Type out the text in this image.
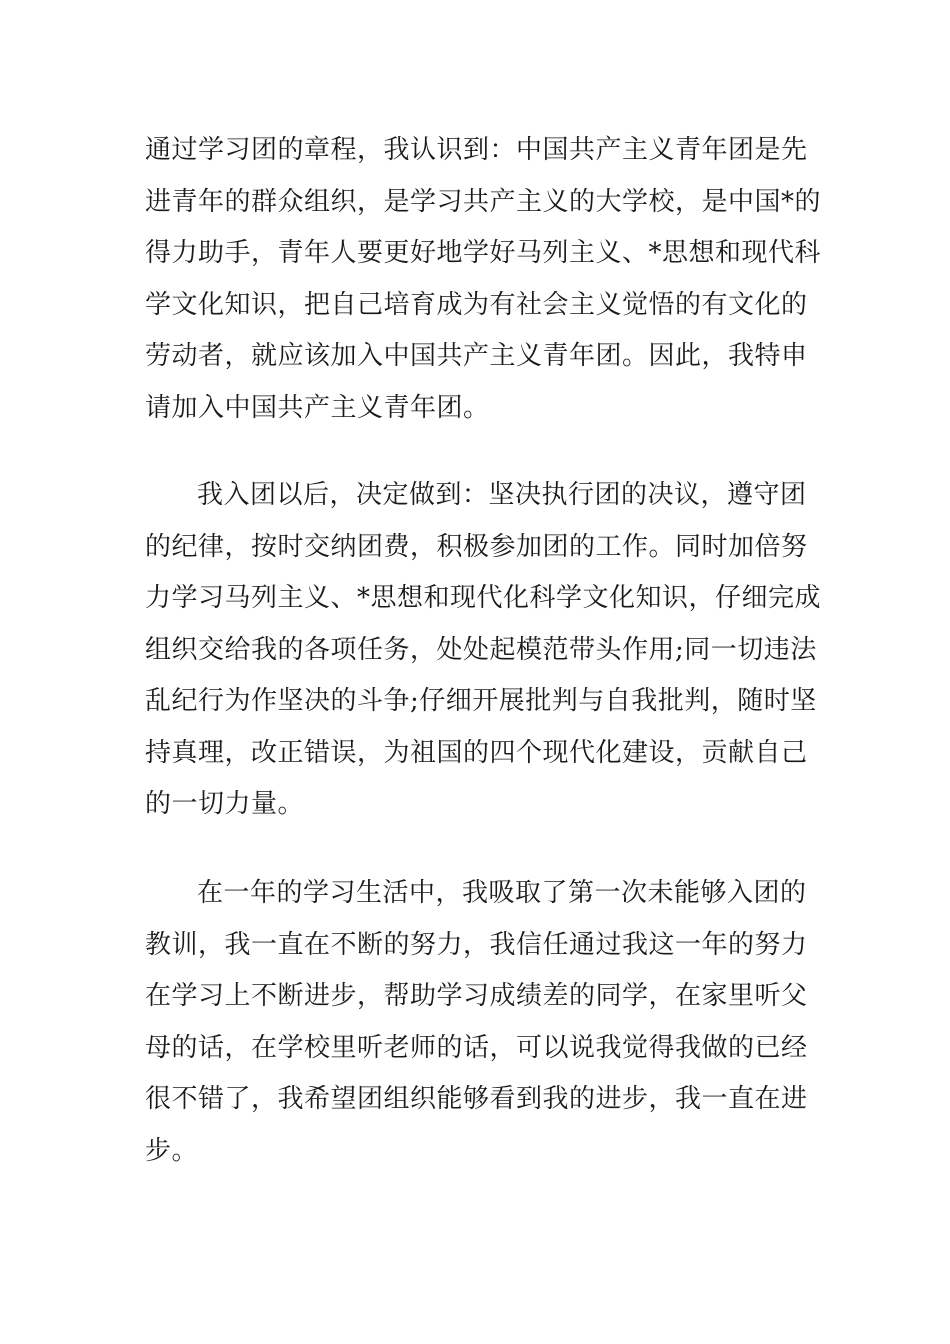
通过学习团的章程，我认识到：中国共产主义青年团是先
进青年的群众组织，是学习共产主义的大学校，是中国*的
得力助手，青年人要更好地学好马列主义、*思想和现代科
学文化知识，把自己培育成为有社会主义觉悟的有文化的
劳动者，就应该加入中国共产主义青年团。因此，我特申
请加入中国共产主义青年团。

我入团以后，决定做到：坚决执行团的决议，遵守团
的纪律，按时交纳团费，积极参加团的工作。同时加倍努
力学习马列主义、*思想和现代化科学文化知识，仔细完成
组织交给我的各项任务，处处起模范带头作用;同一切违法
乱纪行为作坚决的斗争;仔细开展批判与自我批判，随时坚
持真理，改正错误，为祖国的四个现代化建设，贡献自己
的一切力量。

在一年的学习生活中，我吸取了第一次未能够入团的
教训，我一直在不断的努力，我信任通过我这一年的努力
在学习上不断进步，帮助学习成绩差的同学，在家里听父
母的话，在学校里听老师的话，可以说我觉得我做的已经
很不错了，我希望团组织能够看到我的进步，我一直在进
步。
